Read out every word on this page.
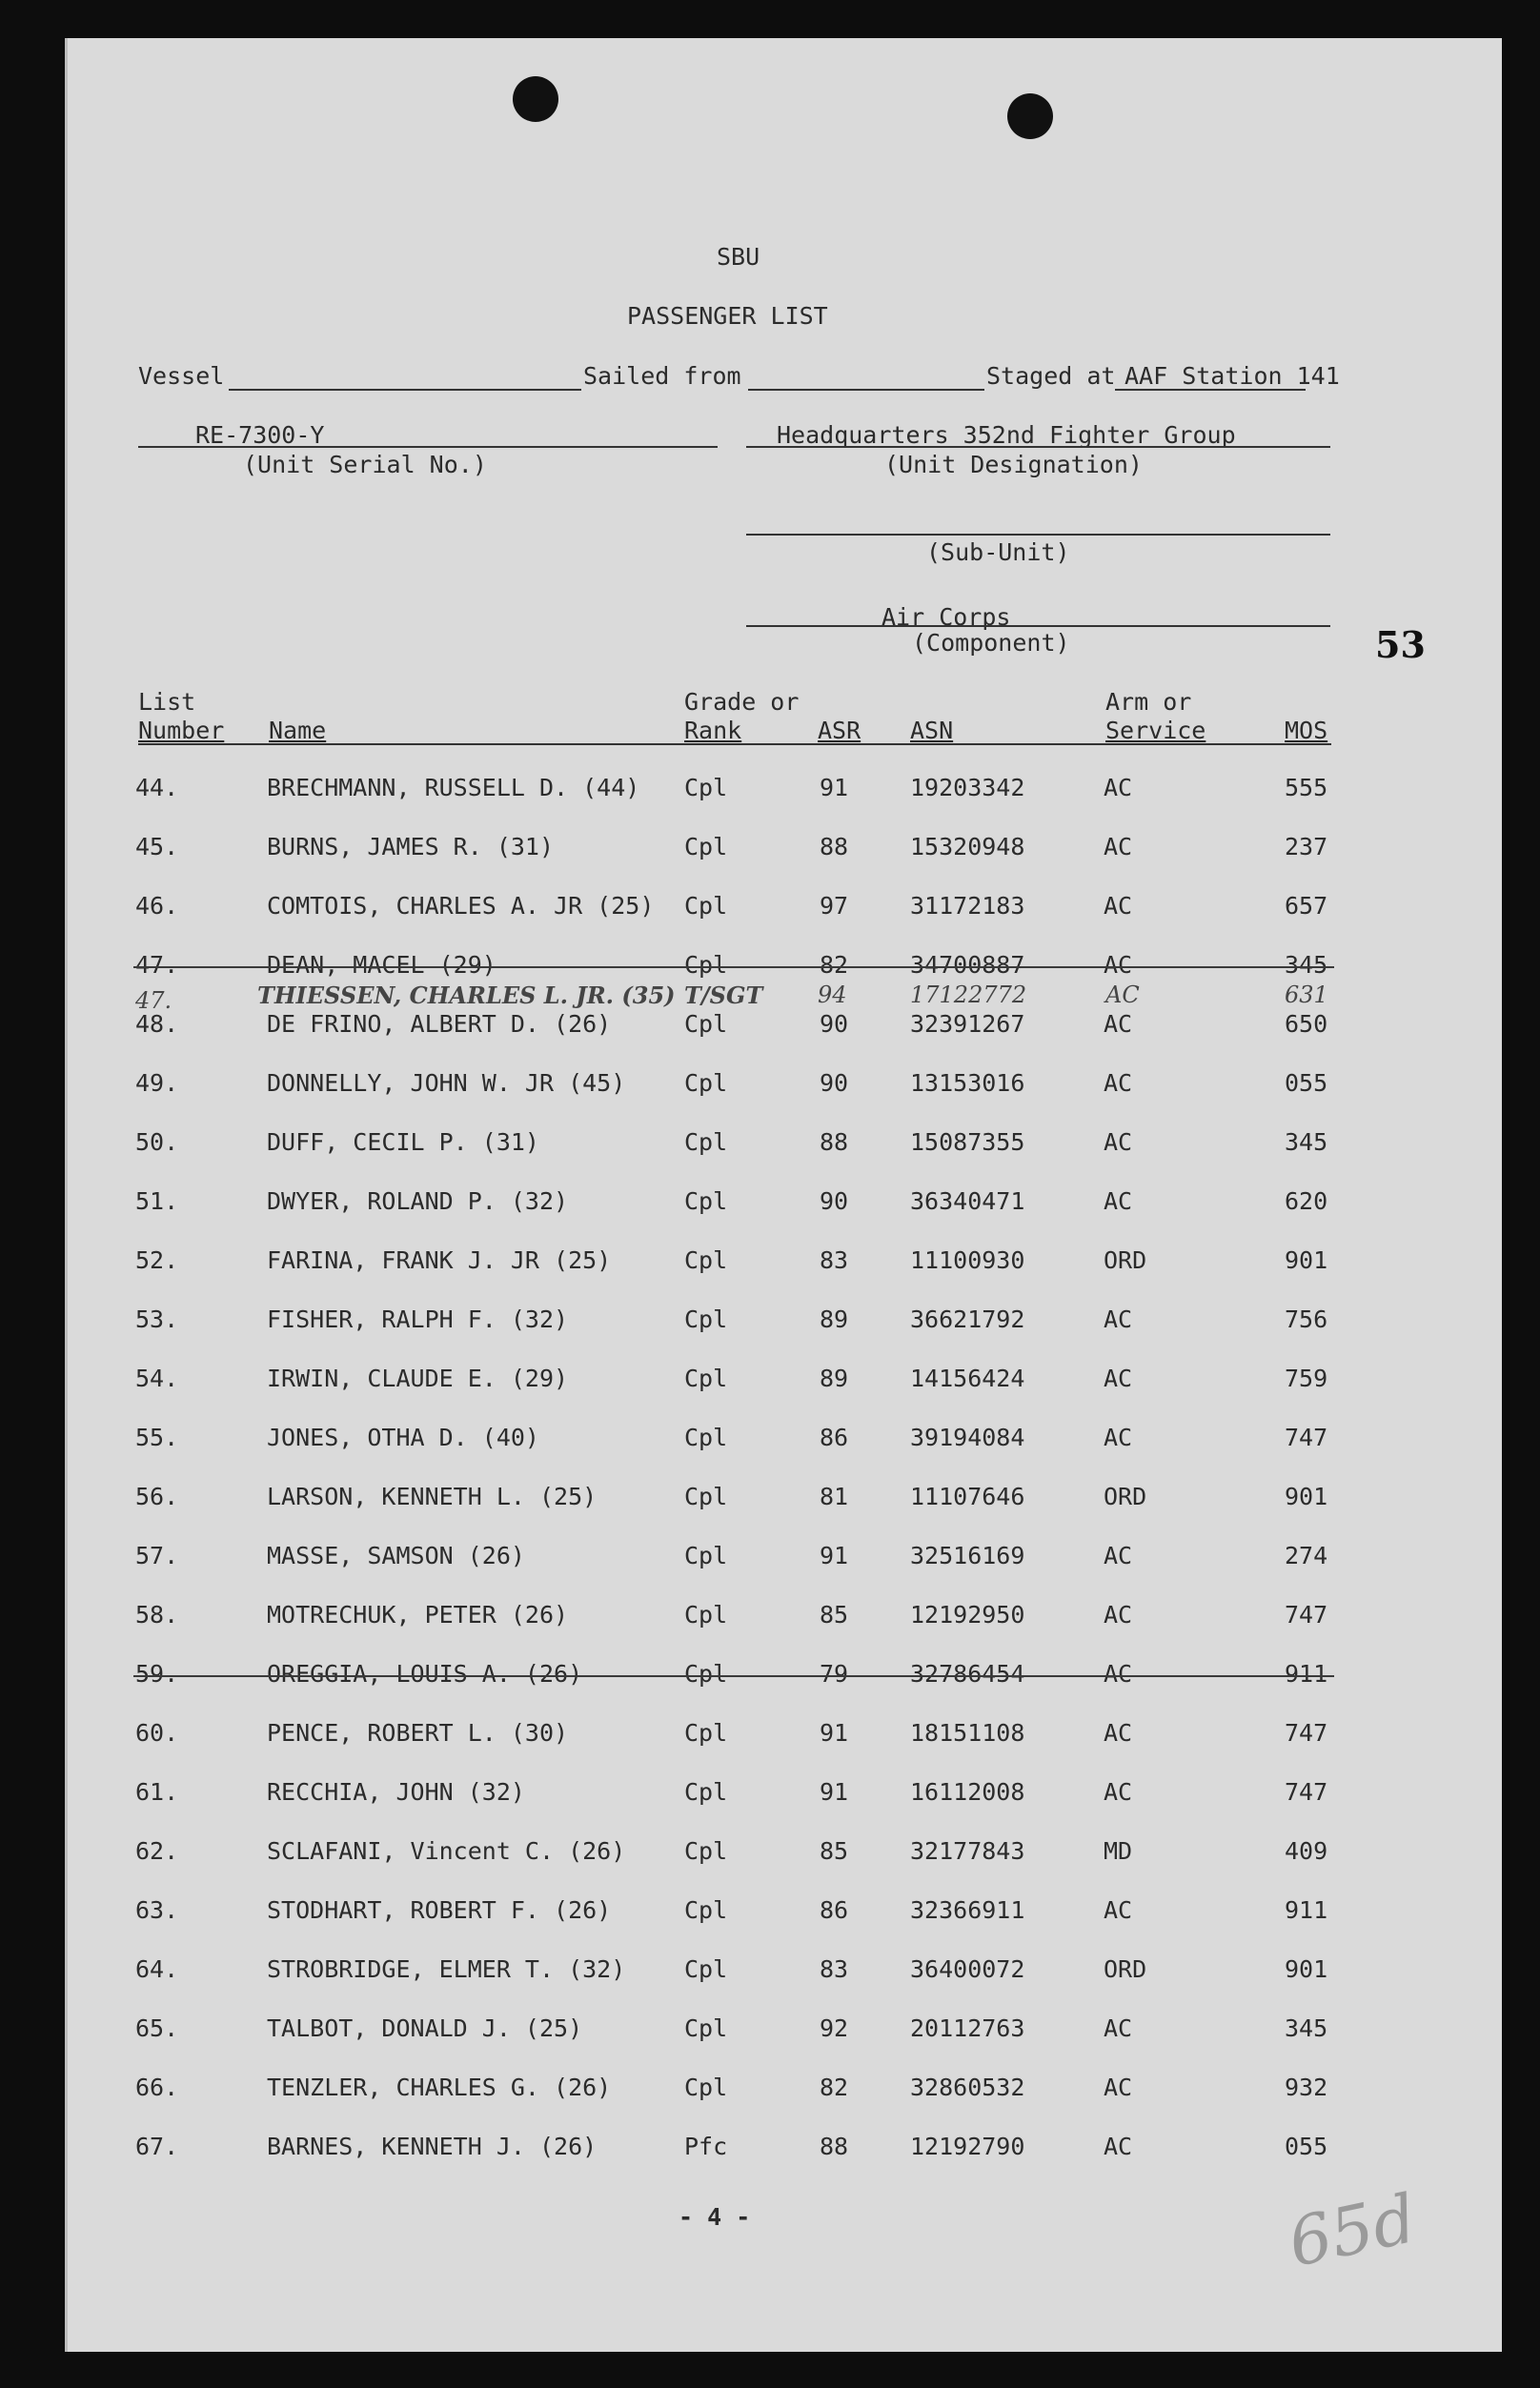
SBU
PASSENGER LIST
Vessel	Sailed from	Staged at AAF Station 141
RE-7300-Y
(Unit Serial No.)
Headquarters 352nd Fighter Group
(Unit Designation)
(Sub-Unit)
Air Corps
(Component)	53
List
Number Name
Grade or
Rank	ASR ASN
Arm or
Service	MOS
44.	BRECHMANN, RUSSELL D. (44) Cpl	91	19203342	AC	555
45.	BURNS, JAMES R. (31)	Cpl	88	15320948	AC	237
46.	COMTOIS, CHARLES A. JR (25) Cpl	97	31172183	AC	657
47.	DEAN, MACEL (29)	Cpl	82	34700887	AC	345
48.	DE FRINO, ALBERT D. (26)	Cpl	90	32391267	AC	650
49.	DONNELLY, JOHN W. JR (45) Cpl	90	13153016	AC	055
50.	DUFF, CECIL P. (31)	Cpl	88	15087355	AC	345
51.	DWYER, ROLAND P. (32)	Cpl	90	36340471	AC	620
52.	FARINA, FRANK J. JR (25)	Cpl	83	11100930	ORD	901
53.	FISHER, RALPH F. (32)	Cpl	89	36621792	AC	756
54.	IRWIN, CLAUDE E. (29)	Cpl	89	14156424	AC	759
55.	JONES, OTHA D. (40)	Cpl	86	39194084	AC	747
56.	LARSON, KENNETH L. (25)	Cpl	81	11107646	ORD	901
57.	MASSE, SAMSON (26)	Cpl	91	32516169	AC	274
58.	MOTRECHUK, PETER (26)	Cpl	85	12192950	AC	747
59.	OREGGIA, LOUIS A. (26)	Cpl	79	32786454	AC	911
60.	PENCE, ROBERT L. (30)	Cpl	91	18151108	AC	747
61.	RECCHIA, JOHN (32)	Cpl	91	16112008	AC	747
62.	SCLAFANI, Vincent C. (26) Cpl	85	32177843	MD	409
63.	STODHART, ROBERT F. (26)	Cpl	86	32366911	AC	911
64.	STROBRIDGE, ELMER T. (32) Cpl	83	36400072	ORD	901
65.	TALBOT, DONALD J. (25)	Cpl	92	20112763	AC	345
66.	TENZLER, CHARLES G. (26)	Cpl	82	32860532	AC	932
67.	BARNES, KENNETH J. (26)	Pfc	88	12192790	AC	055
47.	THIESSEN, CHARLES L. JR. (35) T/SGT 94	17122772	AC	631
- 4 -	65d
